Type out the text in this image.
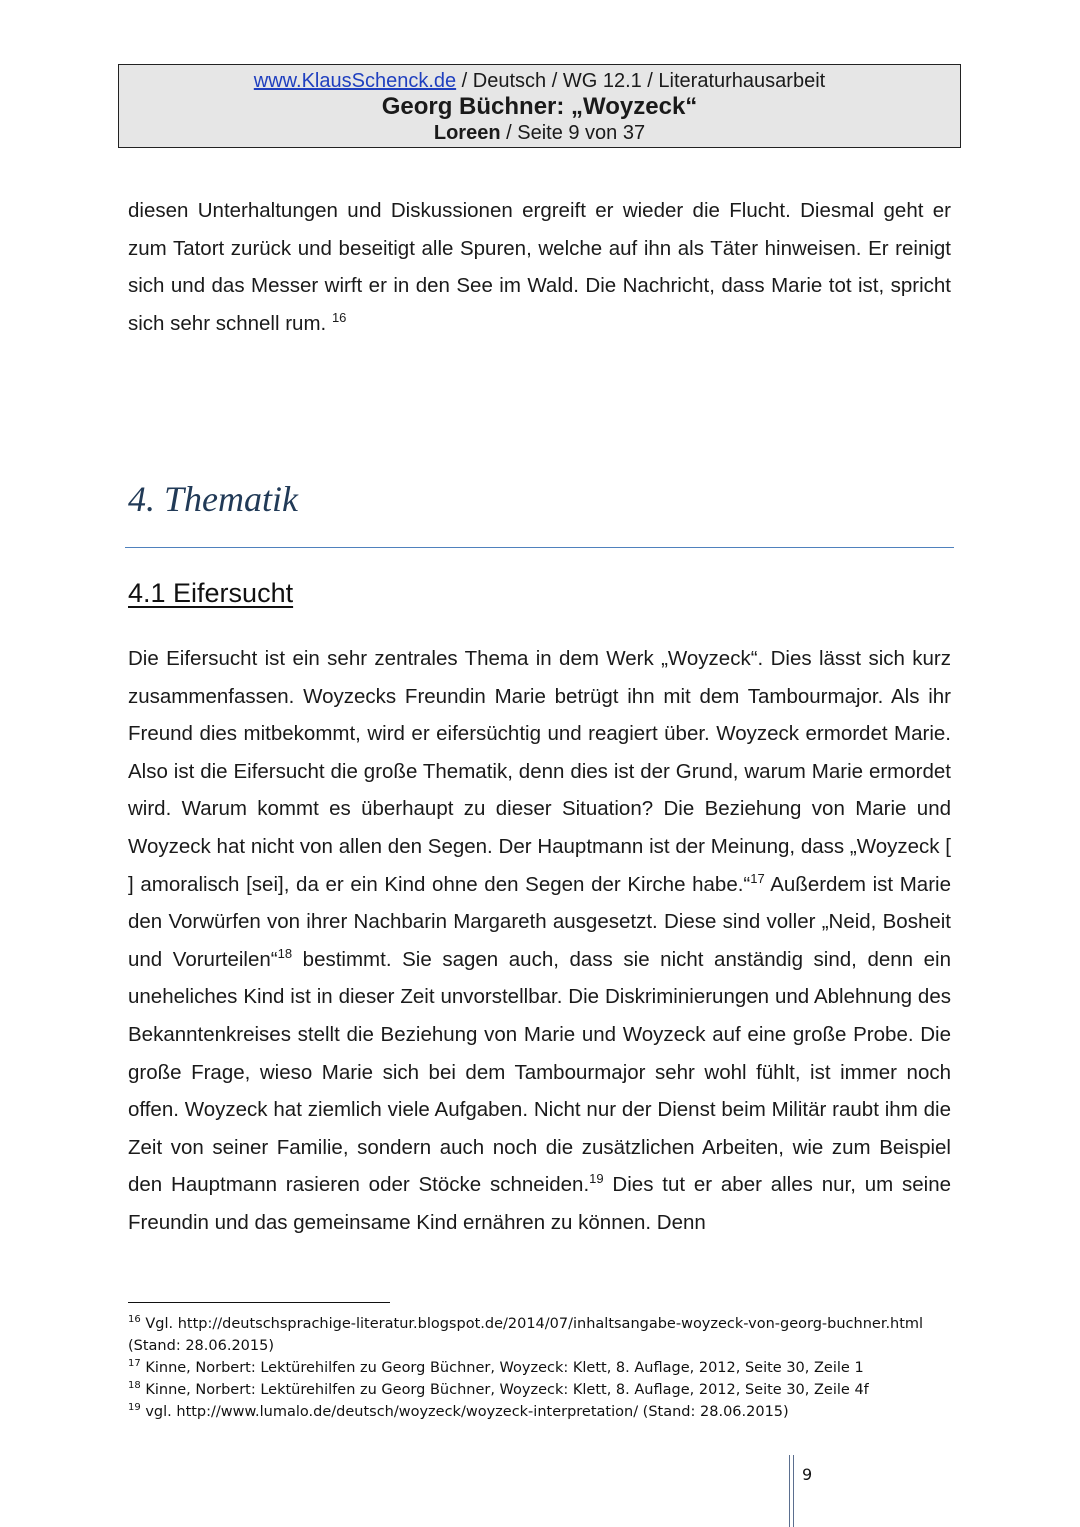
www.KlausSchenck.de / Deutsch / WG 12.1 / Literaturhausarbeit
Georg Büchner: „Woyzeck“
Loreen / Seite 9 von 37

diesen Unterhaltungen und Diskussionen ergreift er wieder die Flucht. Diesmal geht er zum Tatort zurück und beseitigt alle Spuren, welche auf ihn als Täter hinweisen. Er reinigt sich und das Messer wirft er in den See im Wald. Die Nachricht, dass Marie tot ist, spricht sich sehr schnell rum. $^{16}$

4. Thematik
4.1 Eifersucht

Die Eifersucht ist ein sehr zentrales Thema in dem Werk „Woyzeck“. Dies lässt sich kurz zusammenfassen. Woyzecks Freundin Marie betrügt ihn mit dem Tambourmajor. Als ihr Freund dies mitbekommt, wird er eifersüchtig und reagiert über. Woyzeck ermordet Marie. Also ist die Eifersucht die große Thematik, denn dies ist der Grund, warum Marie ermordet wird. Warum kommt es überhaupt zu dieser Situation? Die Beziehung von Marie und Woyzeck hat nicht von allen den Segen. Der Hauptmann ist der Meinung, dass „Woyzeck [ ] amoralisch [sei], da er ein Kind ohne den Segen der Kirche habe.“$^{17}$ Außerdem ist Marie den Vorwürfen von ihrer Nachbarin Margareth ausgesetzt. Diese sind voller „Neid, Bosheit und Vorurteilen“$^{18}$ bestimmt. Sie sagen auch, dass sie nicht anständig sind, denn ein uneheliches Kind ist in dieser Zeit unvorstellbar. Die Diskriminierungen und Ablehnung des Bekanntenkreises stellt die Beziehung von Marie und Woyzeck auf eine große Probe. Die große Frage, wieso Marie sich bei dem Tambourmajor sehr wohl fühlt, ist immer noch offen. Woyzeck hat ziemlich viele Aufgaben. Nicht nur der Dienst beim Militär raubt ihm die Zeit von seiner Familie, sondern auch noch die zusätzlichen Arbeiten, wie zum Beispiel den Hauptmann rasieren oder Stöcke schneiden.$^{19}$ Dies tut er aber alles nur, um seine Freundin und das gemeinsame Kind ernähren zu können. Denn

$^{16}$ Vgl. http://deutschsprachige-literatur.blogspot.de/2014/07/inhaltsangabe-woyzeck-von-georg-buchner.html (Stand: 28.06.2015)

$^{17}$ Kinne, Norbert: Lektürehilfen zu Georg Büchner, Woyzeck: Klett, 8. Auflage, 2012, Seite 30, Zeile 1

$^{18}$ Kinne, Norbert: Lektürehilfen zu Georg Büchner, Woyzeck: Klett, 8. Auflage, 2012, Seite 30, Zeile 4f

$^{19}$ vgl. http://www.lumalo.de/deutsch/woyzeck/woyzeck-interpretation/ (Stand: 28.06.2015)

9
